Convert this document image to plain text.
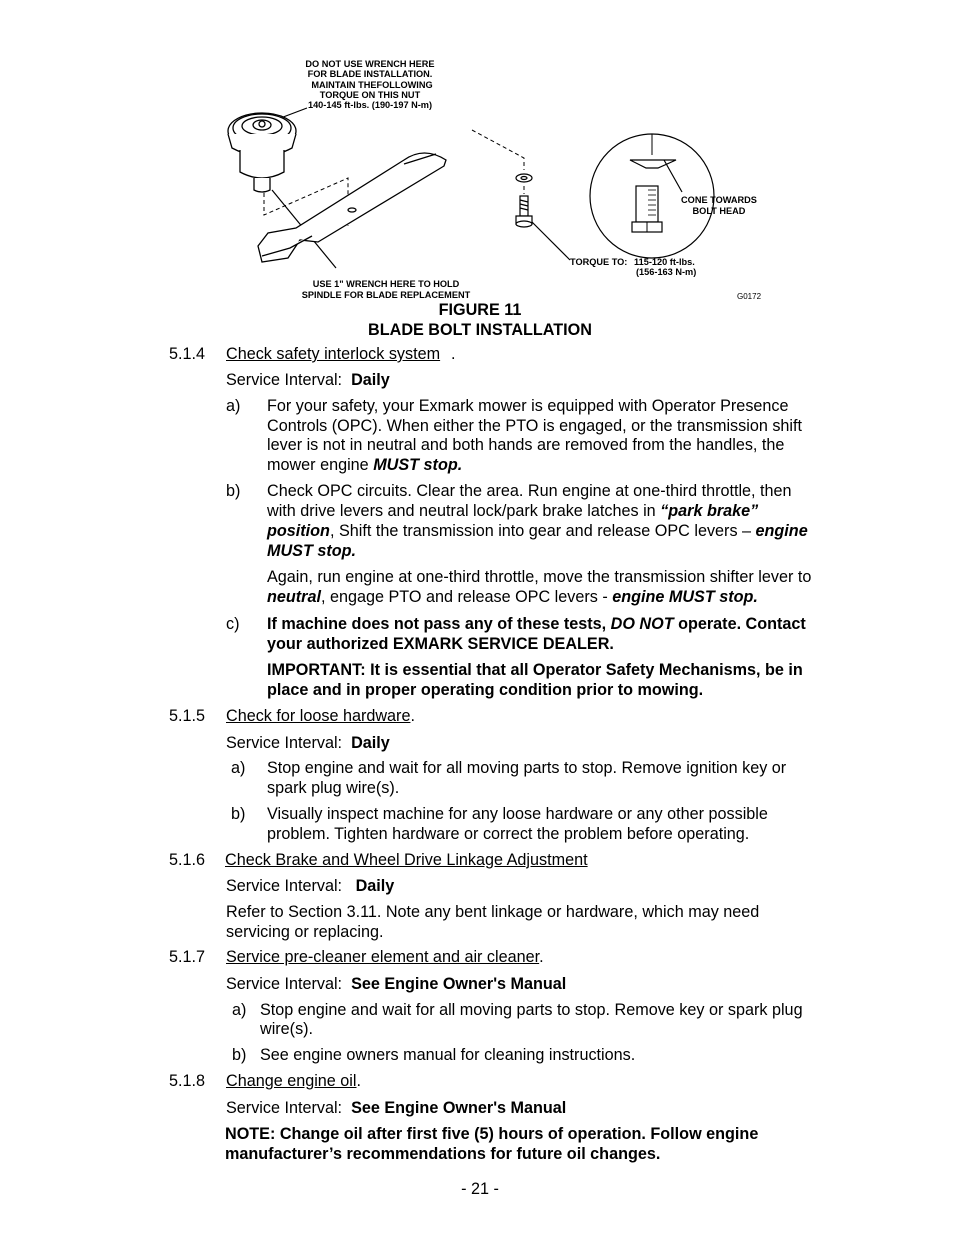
DO NOT USE WRENCH HERE
FOR BLADE INSTALLATION.
MAINTAIN THEFOLLOWING
TORQUE ON THIS NUT
140-145 ft-lbs. (190-197 N-m)
CONE TOWARDS
BOLT HEAD
TORQUE TO: 115-120 ft-lbs.
(156-163 N-m)
USE 1" WRENCH HERE TO HOLD
SPINDLE FOR BLADE REPLACEMENT	G0172
FIGURE 11
BLADE BOLT INSTALLATION
5.1.4 Check safety interlock system .
Service Interval: Daily
a) For your safety, your Exmark mower is equipped with Operator Presence
Controls (OPC). When either the PTO is engaged, or the transmission shift
lever is not in neutral and both hands are removed from the handles, the
mower engine MUST stop.
b) Check OPC circuits. Clear the area. Run engine at one-third throttle, then
with drive levers and neutral lock/park brake latches in “park brake”
position, Shift the transmission into gear and release OPC levers – engine
MUST stop.
Again, run engine at one-third throttle, move the transmission shifter lever to
neutral, engage PTO and release OPC levers - engine MUST stop.
c) If machine does not pass any of these tests, DO NOT operate. Contact
your authorized EXMARK SERVICE DEALER.
IMPORTANT: It is essential that all Operator Safety Mechanisms, be in
place and in proper operating condition prior to mowing.
5.1.5 Check for loose hardware.
Service Interval: Daily
a) Stop engine and wait for all moving parts to stop. Remove ignition key or
spark plug wire(s).
b) Visually inspect machine for any loose hardware or any other possible
problem. Tighten hardware or correct the problem before operating.
5.1.6 Check Brake and Wheel Drive Linkage Adjustment
Service Interval: Daily
Refer to Section 3.11. Note any bent linkage or hardware, which may need
servicing or replacing.
5.1.7 Service pre-cleaner element and air cleaner.
Service Interval: See Engine Owner's Manual
a) Stop engine and wait for all moving parts to stop. Remove key or spark plug
wire(s).
b) See engine owners manual for cleaning instructions.
5.1.8 Change engine oil.
Service Interval: See Engine Owner's Manual
NOTE: Change oil after first five (5) hours of operation. Follow engine
manufacturer’s recommendations for future oil changes.
- 21 -
